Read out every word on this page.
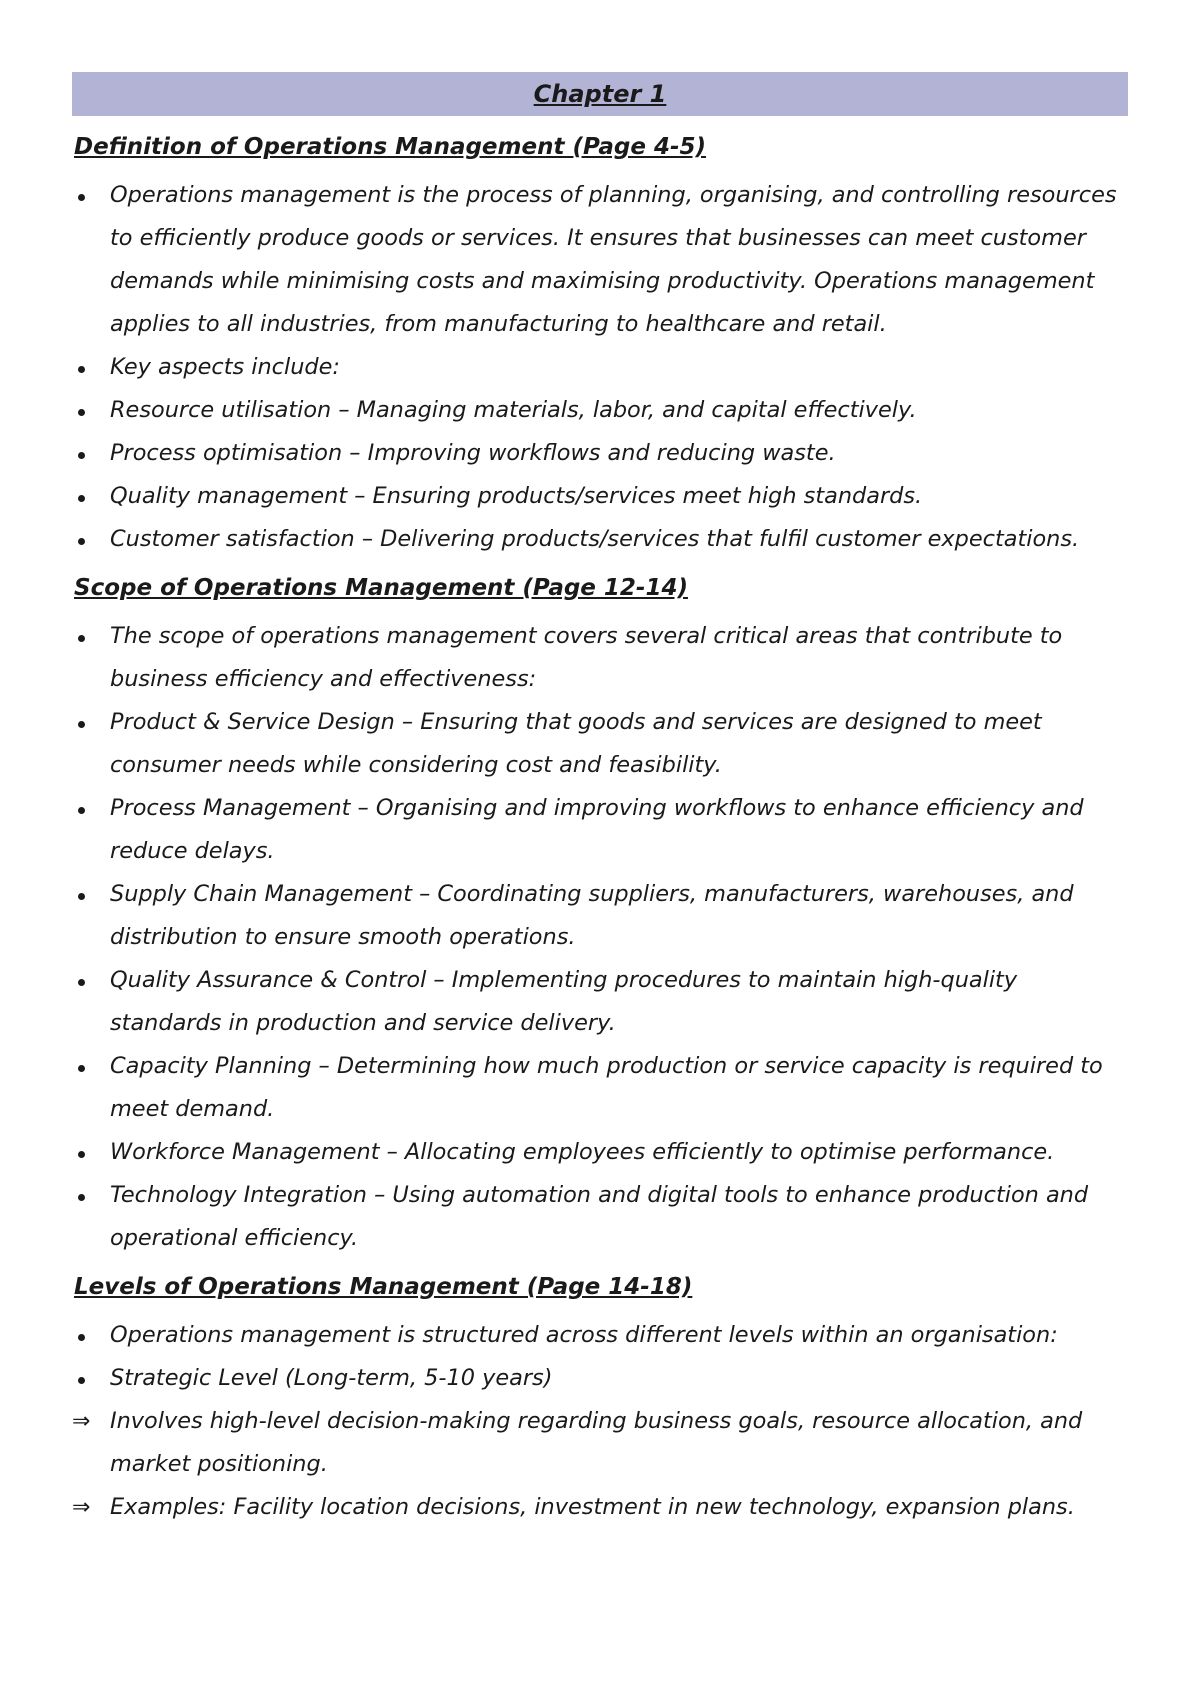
Chapter 1
Definition of Operations Management (Page 4-5)
Operations management is the process of planning, organising, and controlling resources to efficiently produce goods or services. It ensures that businesses can meet customer demands while minimising costs and maximising productivity. Operations management applies to all industries, from manufacturing to healthcare and retail.
Key aspects include:
Resource utilisation – Managing materials, labor, and capital effectively.
Process optimisation – Improving workflows and reducing waste.
Quality management – Ensuring products/services meet high standards.
Customer satisfaction – Delivering products/services that fulfil customer expectations.
Scope of Operations Management (Page 12-14)
The scope of operations management covers several critical areas that contribute to business efficiency and effectiveness:
Product & Service Design – Ensuring that goods and services are designed to meet consumer needs while considering cost and feasibility.
Process Management – Organising and improving workflows to enhance efficiency and reduce delays.
Supply Chain Management – Coordinating suppliers, manufacturers, warehouses, and distribution to ensure smooth operations.
Quality Assurance & Control – Implementing procedures to maintain high-quality standards in production and service delivery.
Capacity Planning – Determining how much production or service capacity is required to meet demand.
Workforce Management – Allocating employees efficiently to optimise performance.
Technology Integration – Using automation and digital tools to enhance production and operational efficiency.
Levels of Operations Management (Page 14-18)
Operations management is structured across different levels within an organisation:
Strategic Level (Long-term, 5-10 years)
⇒ Involves high-level decision-making regarding business goals, resource allocation, and market positioning.
⇒ Examples: Facility location decisions, investment in new technology, expansion plans.
